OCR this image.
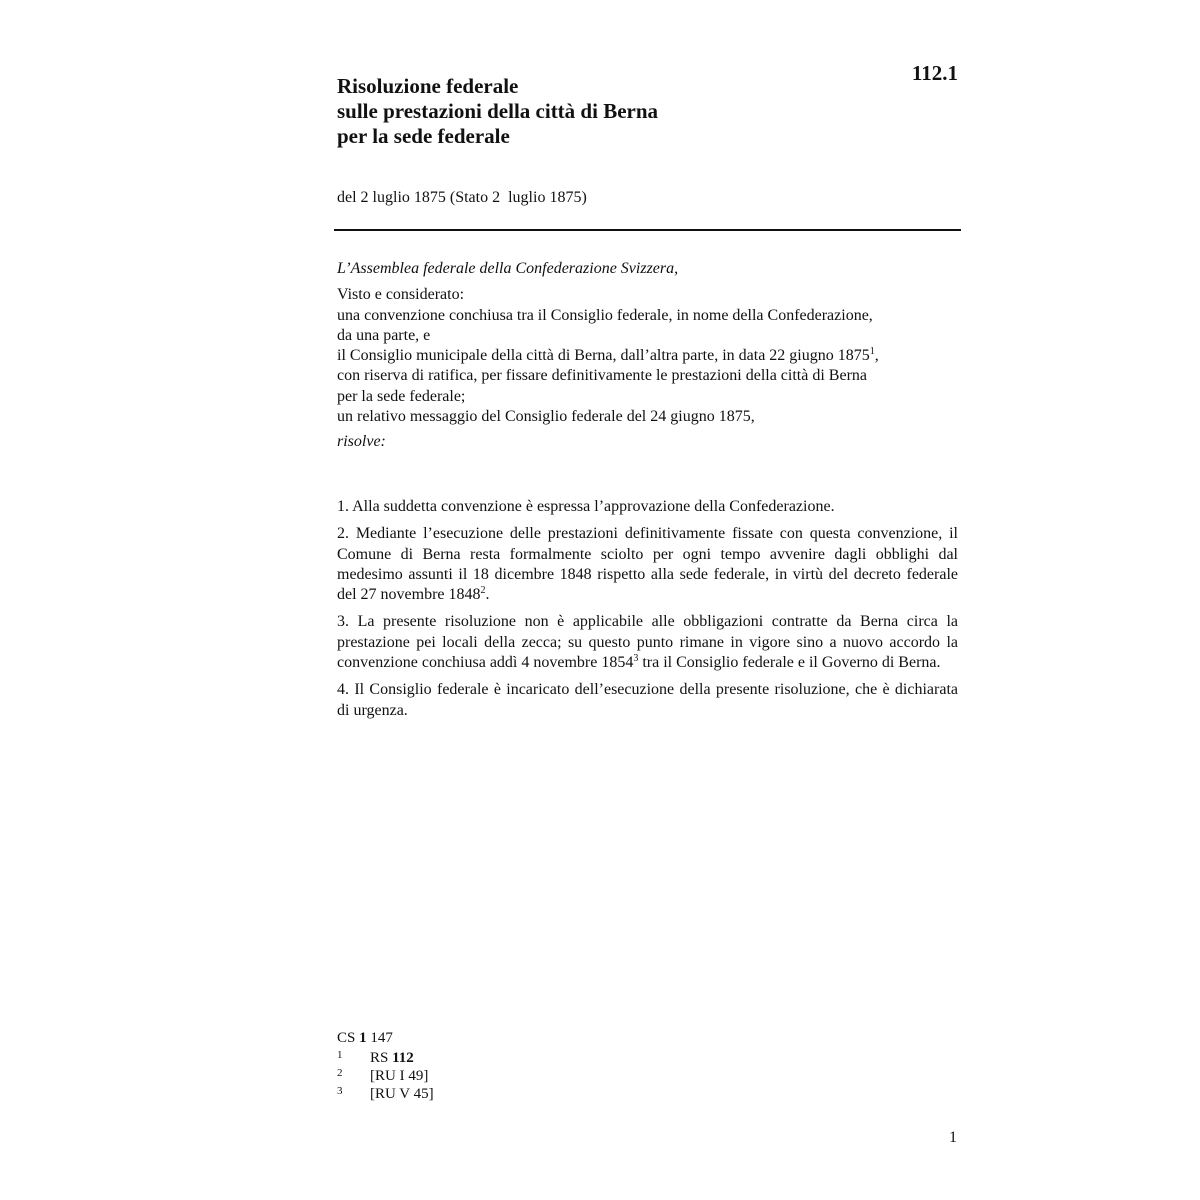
112.1
Risoluzione federale
sulle prestazioni della città di Berna
per la sede federale
del 2 luglio 1875 (Stato 2  luglio 1875)
L’Assemblea federale della Confederazione Svizzera,
Visto e considerato:
una convenzione conchiusa tra il Consiglio federale, in nome della Confederazione,
da una parte, e
il Consiglio municipale della città di Berna, dall’altra parte, in data 22 giugno 1875$^1$,
con riserva di ratifica, per fissare definitivamente le prestazioni della città di Berna
per la sede federale;
un relativo messaggio del Consiglio federale del 24 giugno 1875,
risolve:

1. Alla suddetta convenzione è espressa l’approvazione della Confederazione.

2. Mediante l’esecuzione delle prestazioni definitivamente fissate con questa convenzione, il Comune di Berna resta formalmente sciolto per ogni tempo avvenire dagli obblighi dal medesimo assunti il 18 dicembre 1848 rispetto alla sede federale, in virtù del decreto federale del 27 novembre 1848$^2$.

3. La presente risoluzione non è applicabile alle obbligazioni contratte da Berna circa la prestazione pei locali della zecca; su questo punto rimane in vigore sino a nuovo accordo la convenzione conchiusa addì 4 novembre 1854$^3$ tra il Consiglio federale e il Governo di Berna.

4. Il Consiglio federale è incaricato dell’esecuzione della presente risoluzione, che è dichiarata di urgenza.

CS 1 147
1	RS 112
2	[RU I 49]
3	[RU V 45]
1
